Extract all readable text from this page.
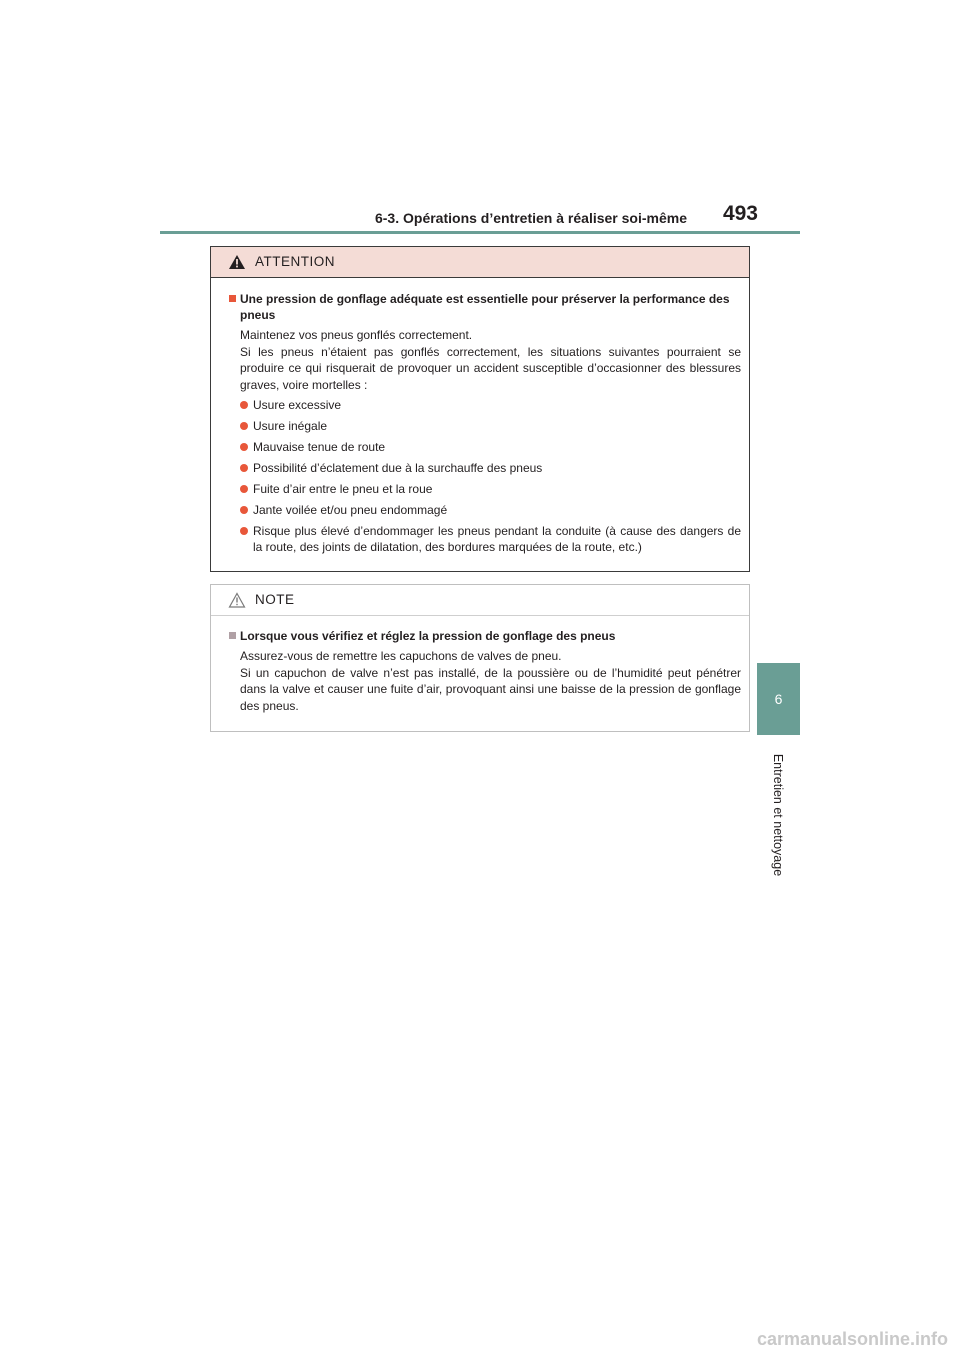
6-3. Opérations d’entretien à réaliser soi-même 493
6
Entretien et nettoyage
ATTENTION
Une pression de gonflage adéquate est essentielle pour préserver la performance des pneus
Maintenez vos pneus gonflés correctement.
Si les pneus n’étaient pas gonflés correctement, les situations suivantes pourraient se produire ce qui risquerait de provoquer un accident susceptible d’occasionner des blessures graves, voire mortelles :
Usure excessive
Usure inégale
Mauvaise tenue de route
Possibilité d’éclatement due à la surchauffe des pneus
Fuite d’air entre le pneu et la roue
Jante voilée et/ou pneu endommagé
Risque plus élevé d’endommager les pneus pendant la conduite (à cause des dangers de la route, des joints de dilatation, des bordures marquées de la route, etc.)
NOTE
Lorsque vous vérifiez et réglez la pression de gonflage des pneus
Assurez-vous de remettre les capuchons de valves de pneu.
Si un capuchon de valve n’est pas installé, de la poussière ou de l’humidité peut pénétrer dans la valve et causer une fuite d’air, provoquant ainsi une baisse de la pression de gonflage des pneus.
carmanualsonline.info
